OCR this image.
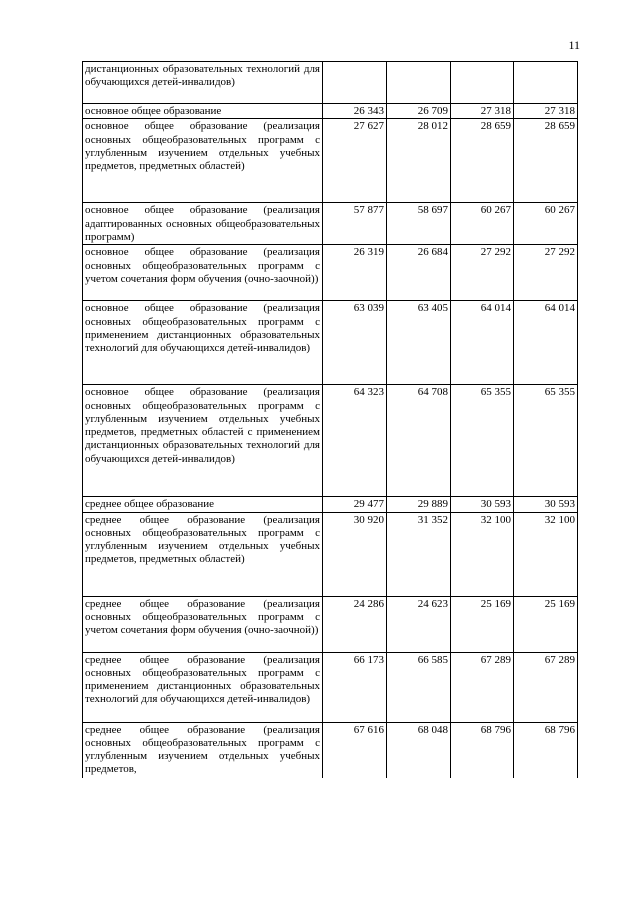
11
дистанционных образовательных технологий для обучающихся детей-инвалидов)				
основное общее образование	26 343	26 709	27 318	27 318
основное общее образование (реализация основных общеобразовательных программ с углубленным изучением отдельных учебных предметов, предметных областей)	27 627	28 012	28 659	28 659
основное общее образование (реализация адаптированных основных общеобразовательных программ)	57 877	58 697	60 267	60 267
основное общее образование (реализация основных общеобразовательных программ с учетом сочетания форм обучения (очно-заочной))	26 319	26 684	27 292	27 292
основное общее образование (реализация основных общеобразовательных программ с применением дистанционных образовательных технологий для обучающихся детей-инвалидов)	63 039	63 405	64 014	64 014
основное общее образование (реализация основных общеобразовательных программ с углубленным изучением отдельных учебных предметов, предметных областей с применением дистанционных образовательных технологий для обучающихся детей-инвалидов)	64 323	64 708	65 355	65 355
среднее общее образование	29 477	29 889	30 593	30 593
среднее общее образование (реализация основных общеобразовательных программ с углубленным изучением отдельных учебных предметов, предметных областей)	30 920	31 352	32 100	32 100
среднее общее образование (реализация основных общеобразовательных программ с учетом сочетания форм обучения (очно-заочной))	24 286	24 623	25 169	25 169
среднее общее образование (реализация основных общеобразовательных программ с применением дистанционных образовательных технологий для обучающихся детей-инвалидов)	66 173	66 585	67 289	67 289
среднее общее образование (реализация основных общеобразовательных программ с углубленным изучением отдельных учебных предметов,	67 616	68 048	68 796	68 796
